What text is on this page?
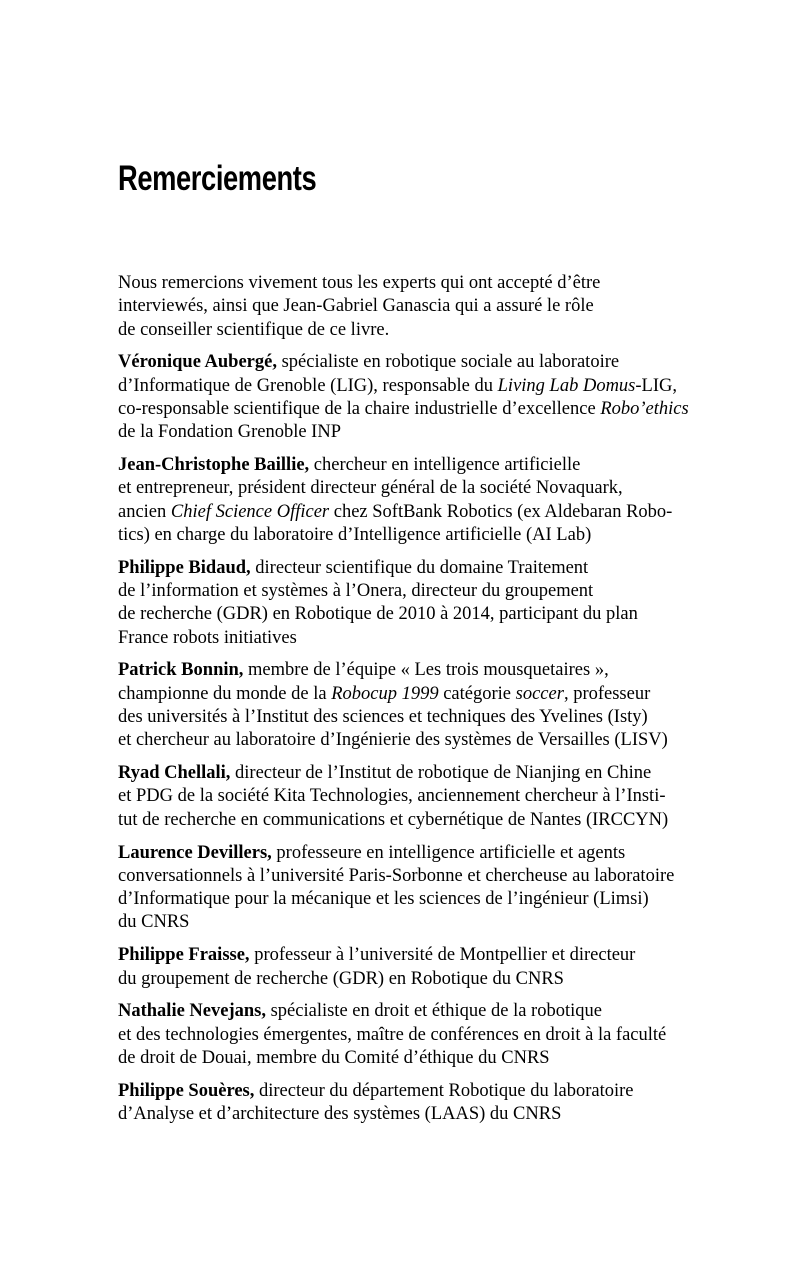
Remerciements

Nous remercions vivement tous les experts qui ont accepté d’être
interviewés, ainsi que Jean-Gabriel Ganascia qui a assuré le rôle
de conseiller scientifique de ce livre.

Véronique Aubergé, spécialiste en robotique sociale au laboratoire
d’Informatique de Grenoble (LIG), responsable du Living Lab Domus-LIG,
co-responsable scientifique de la chaire industrielle d’excellence Robo’ethics
de la Fondation Grenoble INP

Jean-Christophe Baillie, chercheur en intelligence artificielle
et entrepreneur, président directeur général de la société Novaquark,
ancien Chief Science Officer chez SoftBank Robotics (ex Aldebaran Robo-
tics) en charge du laboratoire d’Intelligence artificielle (AI Lab)

Philippe Bidaud, directeur scientifique du domaine Traitement
de l’information et systèmes à l’Onera, directeur du groupement
de recherche (GDR) en Robotique de 2010 à 2014, participant du plan
France robots initiatives

Patrick Bonnin, membre de l’équipe « Les trois mousquetaires »,
championne du monde de la Robocup 1999 catégorie soccer, professeur
des universités à l’Institut des sciences et techniques des Yvelines (Isty)
et chercheur au laboratoire d’Ingénierie des systèmes de Versailles (LISV)

Ryad Chellali, directeur de l’Institut de robotique de Nianjing en Chine
et PDG de la société Kita Technologies, anciennement chercheur à l’Insti-
tut de recherche en communications et cybernétique de Nantes (IRCCYN)

Laurence Devillers, professeure en intelligence artificielle et agents
conversationnels à l’université Paris-Sorbonne et chercheuse au laboratoire
d’Informatique pour la mécanique et les sciences de l’ingénieur (Limsi)
du CNRS

Philippe Fraisse, professeur à l’université de Montpellier et directeur
du groupement de recherche (GDR) en Robotique du CNRS

Nathalie Nevejans, spécialiste en droit et éthique de la robotique
et des technologies émergentes, maître de conférences en droit à la faculté
de droit de Douai, membre du Comité d’éthique du CNRS

Philippe Souères, directeur du département Robotique du laboratoire
d’Analyse et d’architecture des systèmes (LAAS) du CNRS
